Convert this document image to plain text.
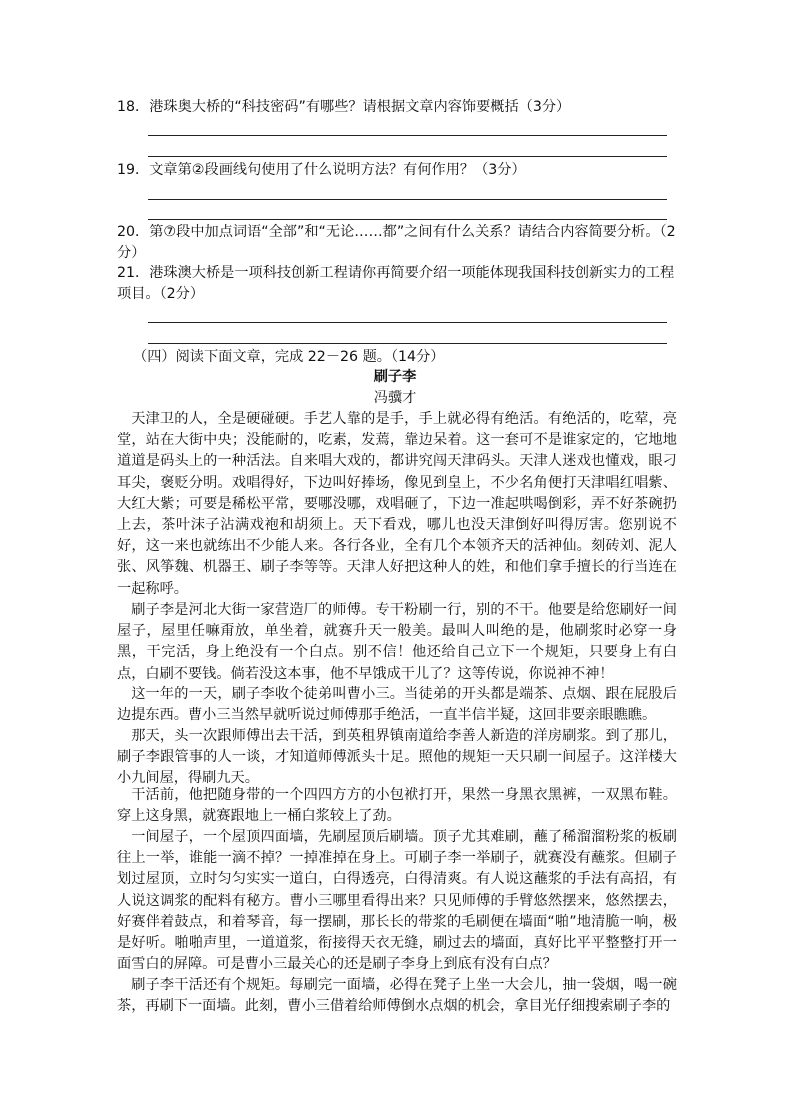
18．港珠奥大桥的“科技密码”有哪些？请根据文章内容饰要概括（3分）

19．文章第②段画线句使用了什么说明方法？有何作用？（3分）

20．第⑦段中加点词语“全部”和“无论……都”之间有什么关系？请结合内容简要分析。（2分）

21．港珠澳大桥是一项科技创新工程请你再简要介绍一项能体现我国科技创新实力的工程项目。（2分）

（四）阅读下面文章，完成 22－26 题。（14分）

刷子李

冯骥才

天津卫的人，全是硬碰硬。手艺人靠的是手，手上就必得有绝活。有绝活的，吃荤，亮堂，站在大街中央；没能耐的，吃素，发蔫，靠边呆着。这一套可不是谁家定的，它地地道道是码头上的一种活法。自来唱大戏的，都讲究闯天津码头。天津人迷戏也懂戏，眼刁耳尖，褒贬分明。戏唱得好，下边叫好捧场，像见到皇上，不少名角便打天津唱红唱紫、大红大紫；可要是稀松平常，要哪没哪，戏唱砸了，下边一准起哄喝倒彩，弄不好茶碗扔上去，茶叶沫子沾满戏袍和胡须上。天下看戏，哪儿也没天津倒好叫得厉害。您别说不好，这一来也就练出不少能人来。各行各业，全有几个本领齐天的活神仙。刻砖刘、泥人张、风筝魏、机器王、刷子李等等。天津人好把这种人的姓，和他们拿手擅长的行当连在一起称呼。

刷子李是河北大街一家营造厂的师傅。专干粉刷一行，别的不干。他要是给您刷好一间屋子，屋里任嘛甭放，单坐着，就赛升天一般美。最叫人叫绝的是，他刷浆时必穿一身黑，干完活，身上绝没有一个白点。别不信！他还给自己立下一个规矩，只要身上有白点，白刷不要钱。倘若没这本事，他不早饿成干儿了？这等传说，你说神不神！

这一年的一天，刷子李收个徒弟叫曹小三。当徒弟的开头都是端茶、点烟、跟在屁股后边提东西。曹小三当然早就听说过师傅那手绝活，一直半信半疑，这回非要亲眼瞧瞧。

那天，头一次跟师傅出去干活，到英租界镇南道给李善人新造的洋房刷浆。到了那儿，刷子李跟管事的人一谈，才知道师傅派头十足。照他的规矩一天只刷一间屋子。这洋楼大小九间屋，得刷九天。

干活前，他把随身带的一个四四方方的小包袱打开，果然一身黑衣黑裤，一双黑布鞋。穿上这身黑，就赛跟地上一桶白浆较上了劲。

一间屋子，一个屋顶四面墙，先刷屋顶后刷墙。顶子尤其难刷，蘸了稀溜溜粉浆的板刷往上一举，谁能一滴不掉？一掉准掉在身上。可刷子李一举刷子，就赛没有蘸浆。但刷子划过屋顶，立时匀匀实实一道白，白得透亮，白得清爽。有人说这蘸浆的手法有高招，有人说这调浆的配料有秘方。曹小三哪里看得出来？只见师傅的手臂悠然摆来，悠然摆去，好赛伴着鼓点，和着琴音，每一摆刷，那长长的带浆的毛刷便在墙面“啪”地清脆一响，极是好听。啪啪声里，一道道浆，衔接得天衣无缝，刷过去的墙面，真好比平平整整打开一面雪白的屏障。可是曹小三最关心的还是刷子李身上到底有没有白点？

刷子李干活还有个规矩。每刷完一面墙，必得在凳子上坐一大会儿，抽一袋烟，喝一碗茶，再刷下一面墙。此刻，曹小三借着给师傅倒水点烟的机会，拿目光仔细搜索刷子李的
